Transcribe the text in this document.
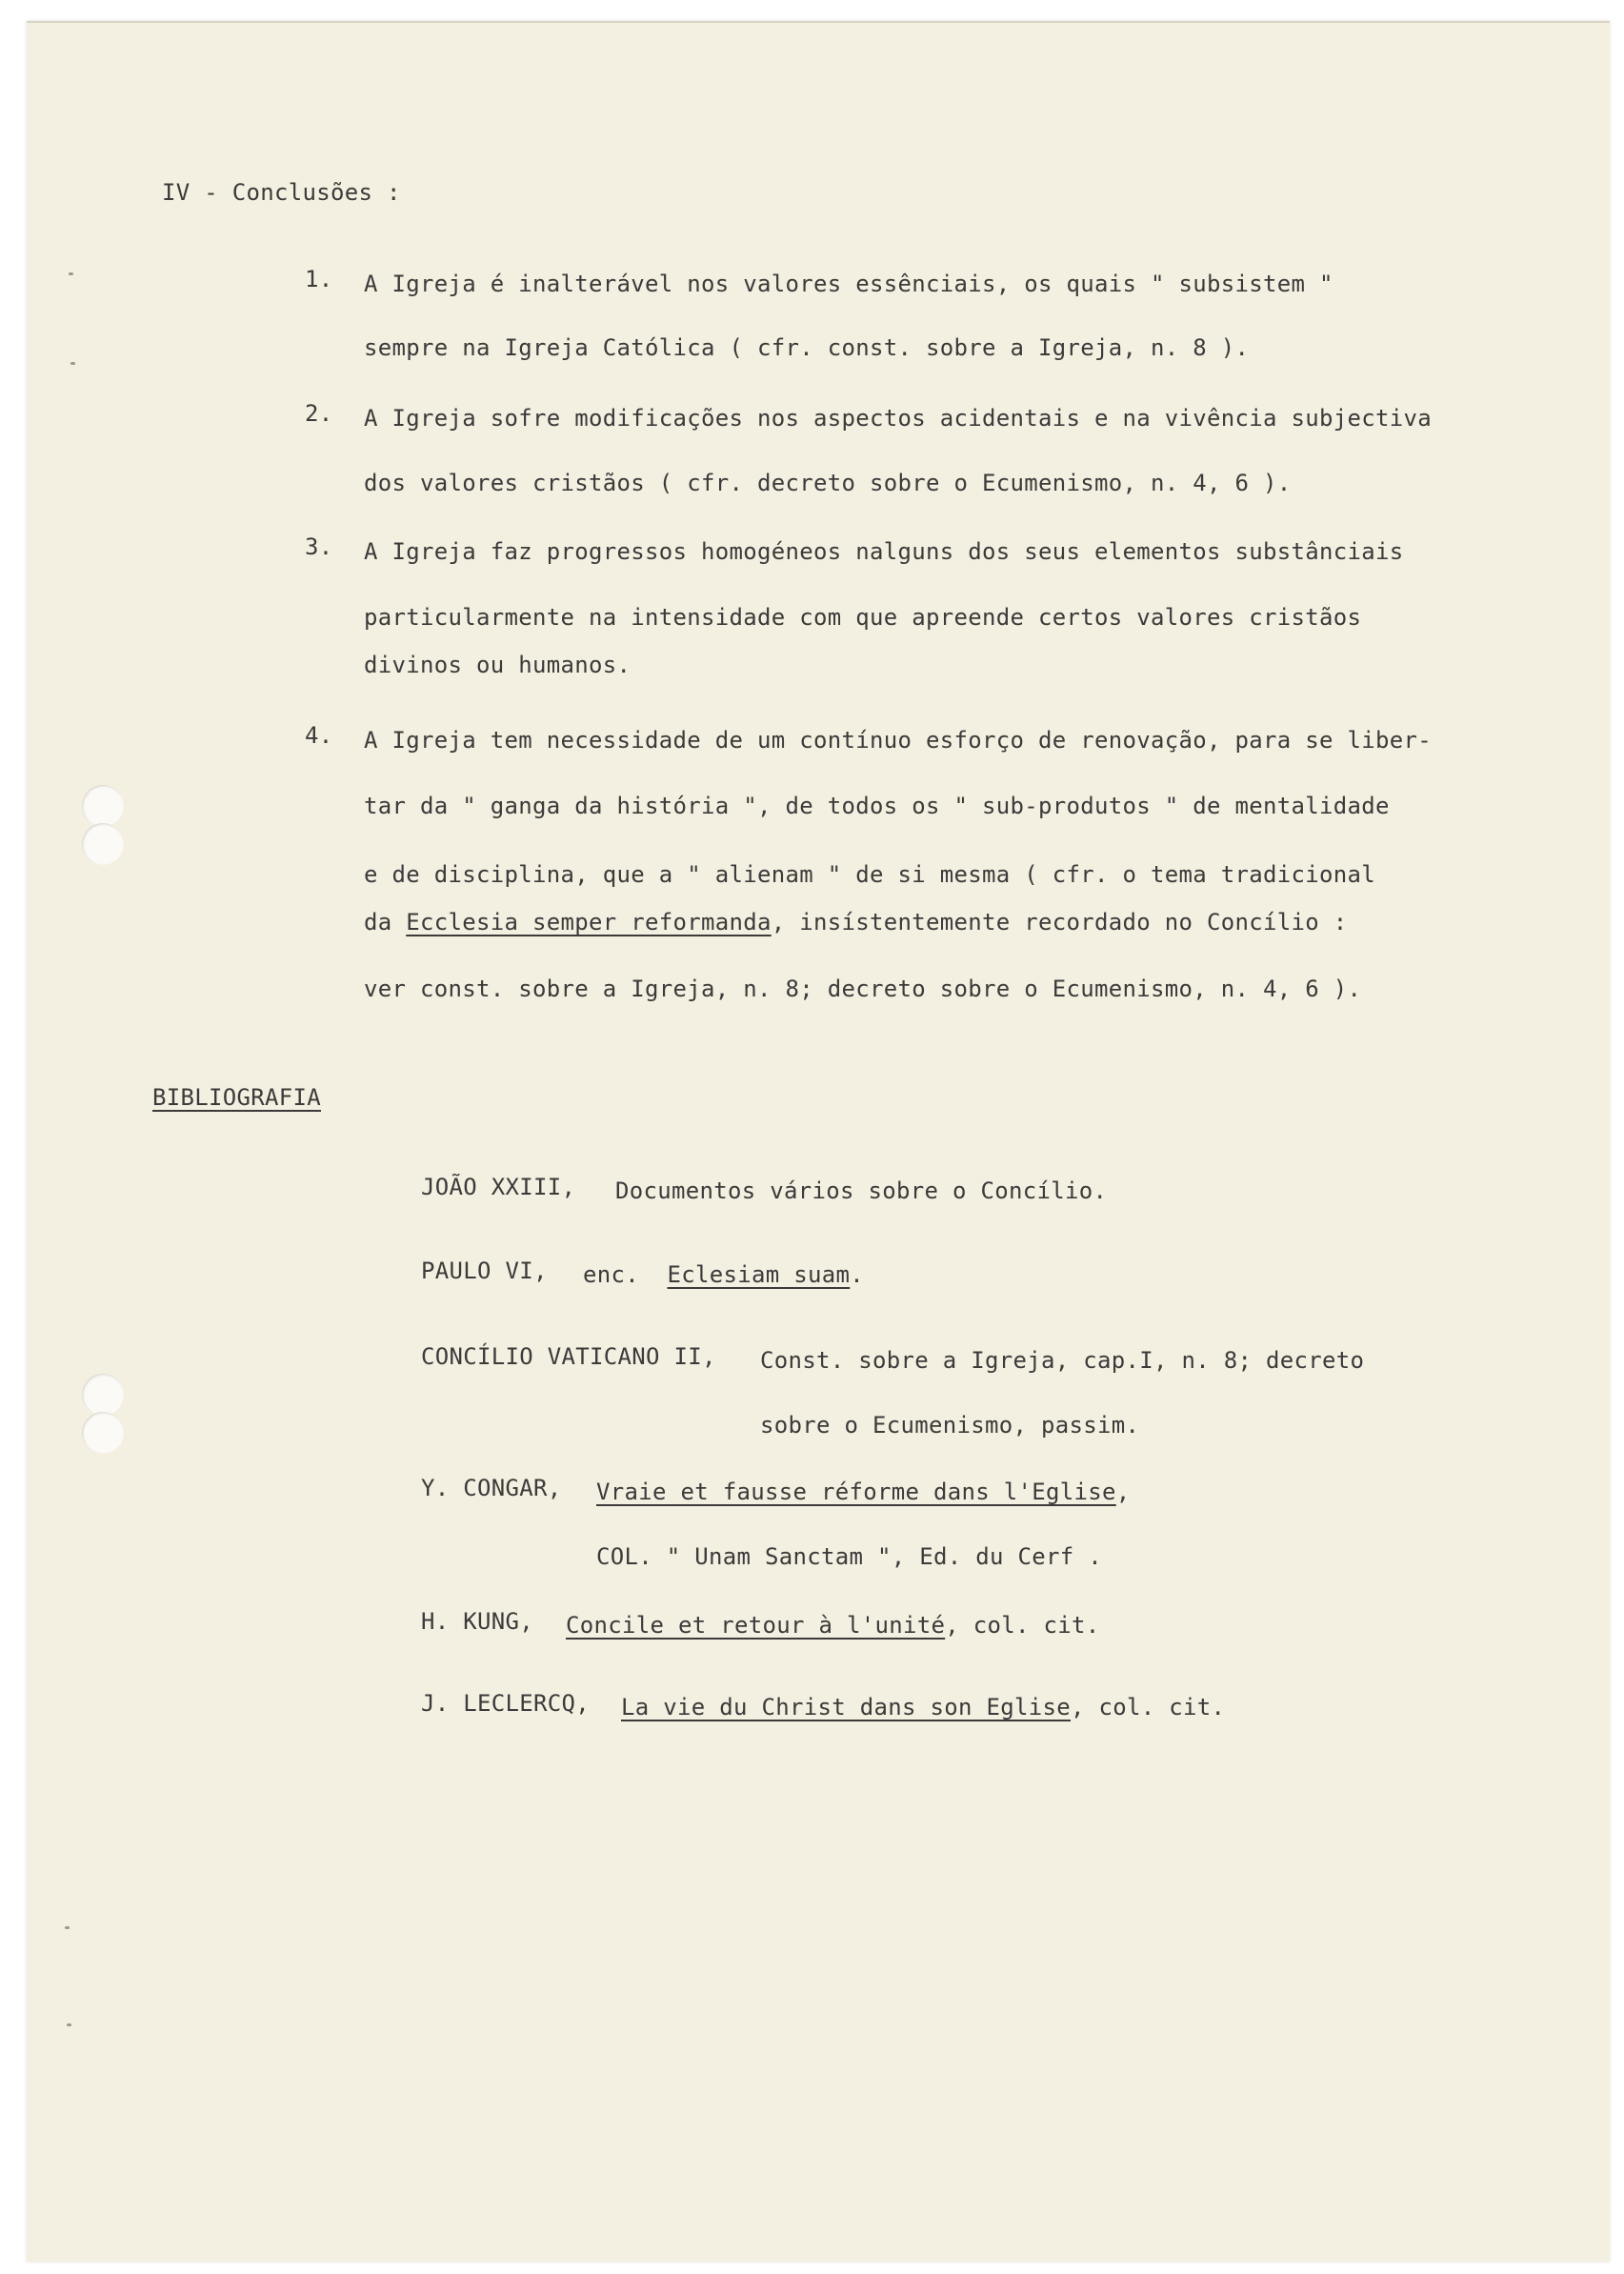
IV - Conclusões :
1. A Igreja é inalterável nos valores essênciais, os quais " subsistem "
sempre na Igreja Católica ( cfr. const. sobre a Igreja, n. 8 ).
2. A Igreja sofre modificações nos aspectos acidentais e na vivência subjectiva
dos valores cristãos ( cfr. decreto sobre o Ecumenismo, n. 4, 6 ).
3. A Igreja faz progressos homogéneos nalguns dos seus elementos substânciais
particularmente na intensidade com que apreende certos valores cristãos
divinos ou humanos.
4. A Igreja tem necessidade de um contínuo esforço de renovação, para se liber-
tar da " ganga da história ", de todos os " sub-produtos " de mentalidade
e de disciplina, que a " alienam " de si mesma ( cfr. o tema tradicional
da Ecclesia semper reformanda, insístentemente recordado no Concílio :
ver const. sobre a Igreja, n. 8; decreto sobre o Ecumenismo, n. 4, 6 ).
BIBLIOGRAFIA
JOÃO XXIII, Documentos vários sobre o Concílio.
PAULO VI, enc. Eclesiam suam.
CONCÍLIO VATICANO II, Const. sobre a Igreja, cap.I, n. 8; decreto
sobre o Ecumenismo, passim.
Y. CONGAR, Vraie et fausse réforme dans l'Eglise,
COL. " Unam Sanctam ", Ed. du Cerf .
H. KUNG, Concile et retour à l'unité, col. cit.
J. LECLERCQ, La vie du Christ dans son Eglise, col. cit.
